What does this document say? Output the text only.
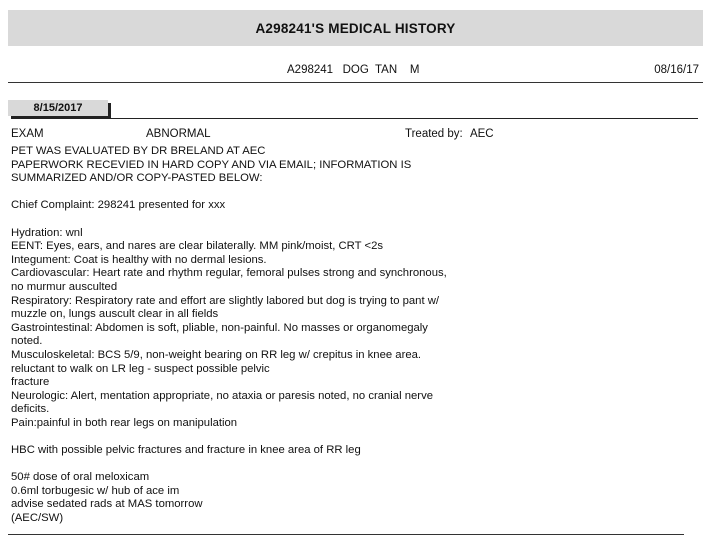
A298241'S MEDICAL HISTORY
A298241   DOG  TAN    M	08/16/17
8/15/2017
EXAM	ABNORMAL	Treated by: AEC
PET WAS EVALUATED BY DR BRELAND AT AEC
PAPERWORK RECEVIED IN HARD COPY AND VIA EMAIL; INFORMATION IS
SUMMARIZED AND/OR COPY-PASTED BELOW:
Chief Complaint: 298241 presented for xxx
Hydration: wnl
EENT: Eyes, ears, and nares are clear bilaterally. MM pink/moist, CRT <2s
Integument: Coat is healthy with no dermal lesions.
Cardiovascular: Heart rate and rhythm regular, femoral pulses strong and synchronous,
no murmur ausculted
Respiratory: Respiratory rate and effort are slightly labored but dog is trying to pant w/
muzzle on, lungs auscult clear in all fields
Gastrointestinal: Abdomen is soft, pliable, non-painful. No masses or organomegaly
noted.
Musculoskeletal: BCS 5/9, non-weight bearing on RR leg w/ crepitus in knee area.
reluctant to walk on LR leg - suspect possible pelvic
fracture
Neurologic: Alert, mentation appropriate, no ataxia or paresis noted, no cranial nerve
deficits.
Pain:painful in both rear legs on manipulation
HBC with possible pelvic fractures and fracture in knee area of RR leg
50# dose of oral meloxicam
0.6ml torbugesic w/ hub of ace im
advise sedated rads at MAS tomorrow
(AEC/SW)
